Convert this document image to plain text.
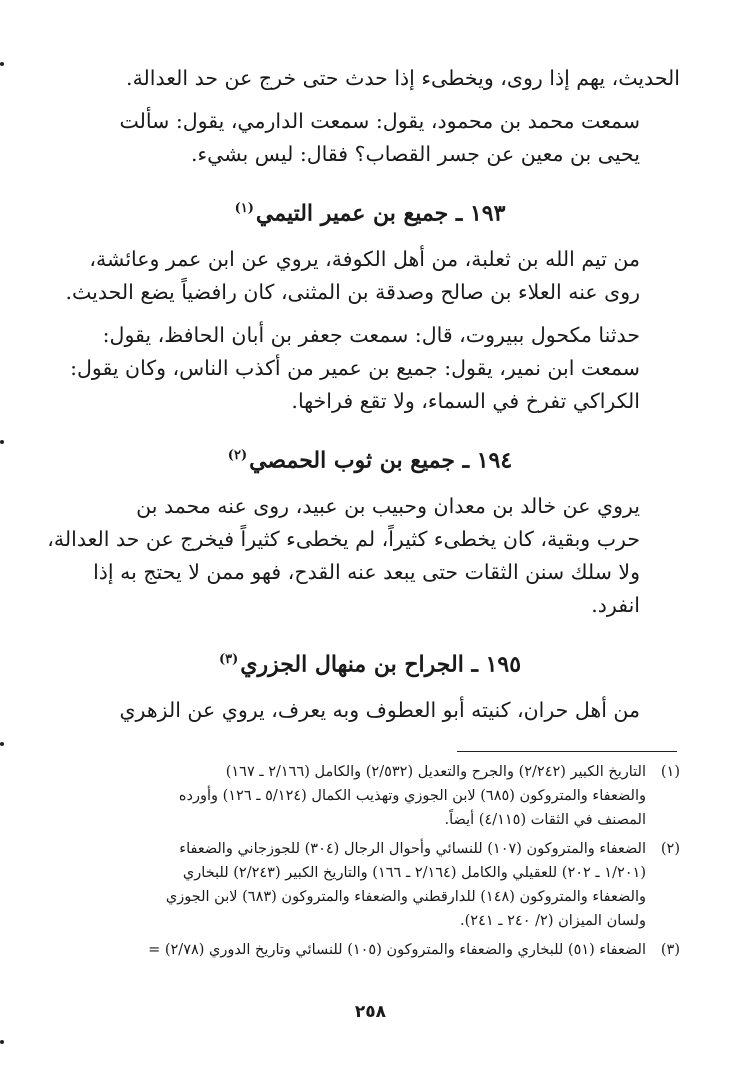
الحديث، يهم إذا روى، ويخطىء إذا حدث حتى خرج عن حد العدالة.

سمعت محمد بن محمود، يقول: سمعت الدارمي، يقول: سألت
يحيى بن معين عن جسر القصاب؟ فقال: ليس بشيء.

١٩٣ ـ جميع بن عمير التيمي$^{(١)}$

من تيم الله بن ثعلبة، من أهل الكوفة، يروي عن ابن عمر وعائشة،
روى عنه العلاء بن صالح وصدقة بن المثنى، كان رافضياً يضع الحديث.

حدثنا مكحول ببيروت، قال: سمعت جعفر بن أبان الحافظ، يقول:
سمعت ابن نمير، يقول: جميع بن عمير من أكذب الناس، وكان يقول:
الكراكي تفرخ في السماء، ولا تقع فراخها.

١٩٤ ـ جميع بن ثوب الحمصي$^{(٢)}$

يروي عن خالد بن معدان وحبيب بن عبيد، روى عنه محمد بن
حرب وبقية، كان يخطىء كثيراً، لم يخطىء كثيراً فيخرج عن حد العدالة،
ولا سلك سنن الثقات حتى يبعد عنه القدح، فهو ممن لا يحتج به إذا
انفرد.

١٩٥ ـ الجراح بن منهال الجزري$^{(٣)}$

من أهل حران، كنيته أبو العطوف وبه يعرف، يروي عن الزهري

(١)
التاريخ الكبير (٢/٢٤٢) والجرح والتعديل (٢/٥٣٢) والكامل (٢/١٦٦ ـ ١٦٧)
والضعفاء والمتروكون (٦٨٥) لابن الجوزي وتهذيب الكمال (٥/١٢٤ ـ ١٢٦) وأورده
المصنف في الثقات (٤/١١٥) أيضاً.
(٢)
الضعفاء والمتروكون (١٠٧) للنسائي وأحوال الرجال (٣٠٤) للجوزجاني والضعفاء
(١/٢٠١ ـ ٢٠٢) للعقيلي والكامل (٢/١٦٤ ـ ١٦٦) والتاريخ الكبير (٢/٢٤٣) للبخاري
والضعفاء والمتروكون (١٤٨) للدارقطني والضعفاء والمتروكون (٦٨٣) لابن الجوزي
ولسان الميزان (٢/ ٢٤٠ ـ ٢٤١).
(٣)
الضعفاء (٥١) للبخاري والضعفاء والمتروكون (١٠٥) للنسائي وتاريخ الدوري (٢/٧٨) =
٢٥٨
